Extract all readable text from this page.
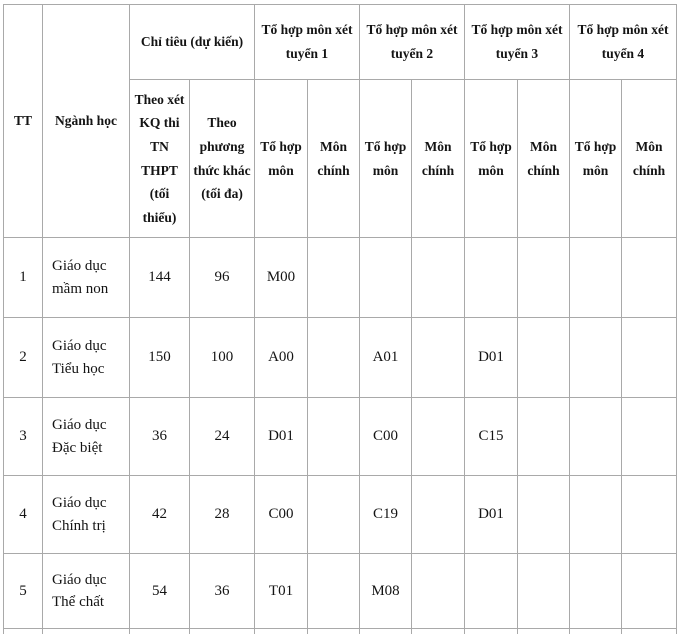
TT	Ngành học	Chỉ tiêu (dự kiến)		Tổ hợp môn xét tuyển 1		Tổ hợp môn xét tuyển 2		Tổ hợp môn xét tuyển 3		Tổ hợp môn xét tuyển 4	
		Theo xét KQ thi TN THPT (tối thiểu)	Theo phương thức khác (tối đa)	Tổ hợp môn	Môn chính	Tổ hợp môn	Môn chính	Tổ hợp môn	Môn chính	Tổ hợp môn	Môn chính
1	Giáo dục mầm non	144	96	M00							
2	Giáo dục Tiểu học	150	100	A00		A01		D01			
3	Giáo dục Đặc biệt	36	24	D01		C00		C15			
4	Giáo dục Chính trị	42	28	C00		C19		D01			
5	Giáo dục Thể chất	54	36	T01		M08					
